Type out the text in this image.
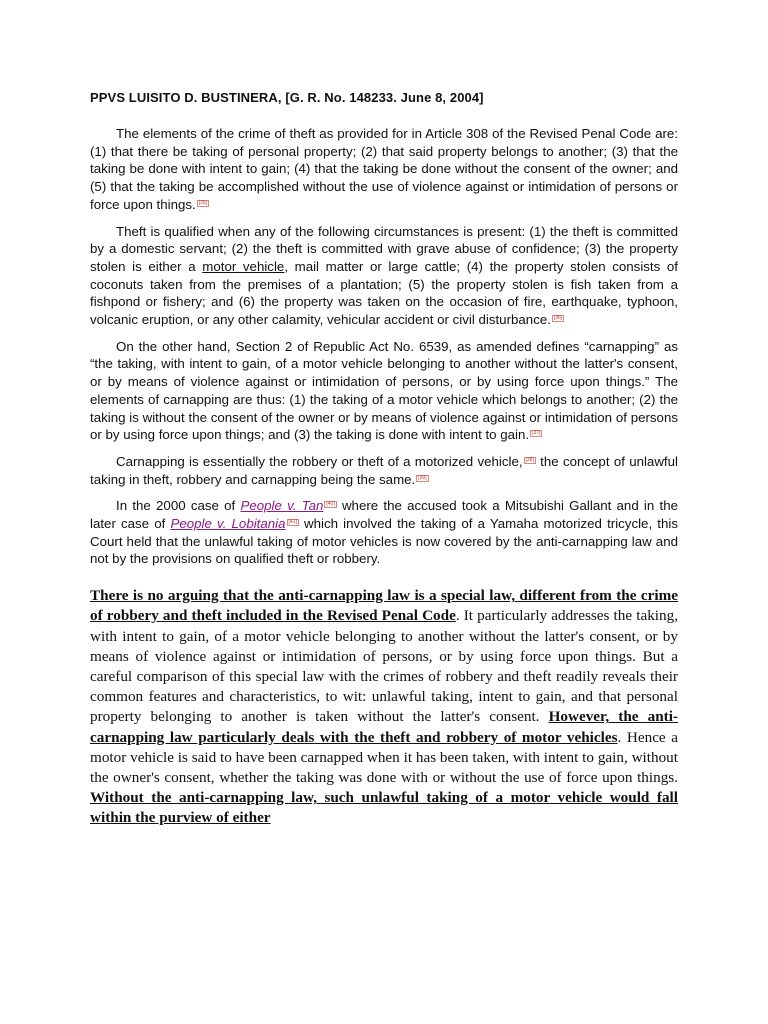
PPVS LUISITO D. BUSTINERA, [G. R. No. 148233. June 8, 2004]

The elements of the crime of theft as provided for in Article 308 of the Revised Penal Code are: (1) that there be taking of personal property; (2) that said property belongs to another; (3) that the taking be done with intent to gain; (4) that the taking be done without the consent of the owner; and (5) that the taking be accomplished without the use of violence against or intimidation of persons or force upon things. [35]

Theft is qualified when any of the following circumstances is present: (1) the theft is committed by a domestic servant; (2) the theft is committed with grave abuse of confidence; (3) the property stolen is either a motor vehicle, mail matter or large cattle; (4) the property stolen consists of coconuts taken from the premises of a plantation; (5) the property stolen is fish taken from a fishpond or fishery; and (6) the property was taken on the occasion of fire, earthquake, typhoon, volcanic eruption, or any other calamity, vehicular accident or civil disturbance. [36]

On the other hand, Section 2 of Republic Act No. 6539, as amended defines “carnapping” as “the taking, with intent to gain, of a motor vehicle belonging to another without the latter's consent, or by means of violence against or intimidation of persons, or by using force upon things.” The elements of carnapping are thus: (1) the taking of a motor vehicle which belongs to another; (2) the taking is without the consent of the owner or by means of violence against or intimidation of persons or by using force upon things; and (3) the taking is done with intent to gain. [37]

Carnapping is essentially the robbery or theft of a motorized vehicle, [38] the concept of unlawful taking in theft, robbery and carnapping being the same. [39]

In the 2000 case of People v. Tan [40] where the accused took a Mitsubishi Gallant and in the later case of People v. Lobitania [41] which involved the taking of a Yamaha motorized tricycle, this Court held that the unlawful taking of motor vehicles is now covered by the anti-carnapping law and not by the provisions on qualified theft or robbery.

There is no arguing that the anti-carnapping law is a special law, different from the crime of robbery and theft included in the Revised Penal Code. It particularly addresses the taking, with intent to gain, of a motor vehicle belonging to another without the latter's consent, or by means of violence against or intimidation of persons, or by using force upon things. But a careful comparison of this special law with the crimes of robbery and theft readily reveals their common features and characteristics, to wit: unlawful taking, intent to gain, and that personal property belonging to another is taken without the latter's consent. However, the anti-carnapping law particularly deals with the theft and robbery of motor vehicles. Hence a motor vehicle is said to have been carnapped when it has been taken, with intent to gain, without the owner's consent, whether the taking was done with or without the use of force upon things. Without the anti-carnapping law, such unlawful taking of a motor vehicle would fall within the purview of either
